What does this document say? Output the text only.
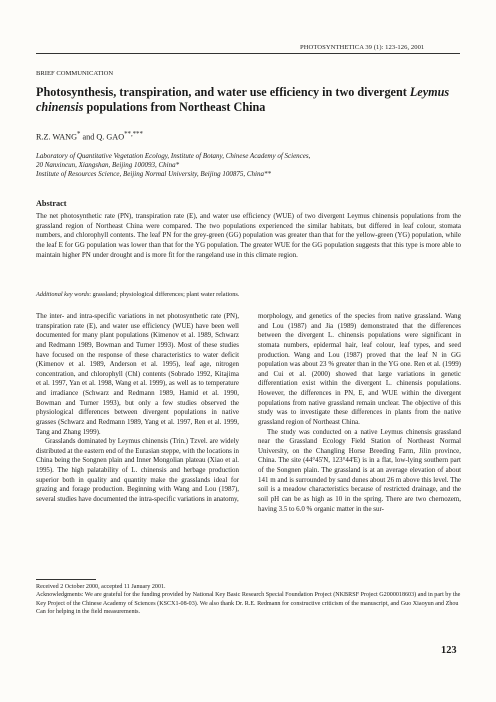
PHOTOSYNTHETICA 39 (1): 123-126, 2001
BRIEF COMMUNICATION
Photosynthesis, transpiration, and water use efficiency in two divergent Leymus chinensis populations from Northeast China
R.Z. WANG* and Q. GAO**,***
Laboratory of Quantitative Vegetation Ecology, Institute of Botany, Chinese Academy of Sciences,
20 Nanxincun, Xiangshan, Beijing 100093, China*
Institute of Resources Science, Beijing Normal University, Beijing 100875, China**
Abstract
The net photosynthetic rate (PN), transpiration rate (E), and water use efficiency (WUE) of two divergent Leymus chinensis populations from the grassland region of Northeast China were compared. The two populations experienced the similar habitats, but differed in leaf colour, stomata numbers, and chlorophyll contents. The leaf PN for the grey-green (GG) population was greater than that for the yellow-green (YG) population, while the leaf E for GG population was lower than that for the YG population. The greater WUE for the GG population suggests that this type is more able to maintain higher PN under drought and is more fit for the rangeland use in this climate region.
Additional key words: grassland; physiological differences; plant water relations.

The inter- and intra-specific variations in net photosynthetic rate (PN), transpiration rate (E), and water use efficiency (WUE) have been well documented for many plant populations (Kimenov et al. 1989, Schwarz and Redmann 1989, Bowman and Turner 1993). Most of these studies have focused on the response of these characteristics to water deficit (Kimenov et al. 1989, Anderson et al. 1995), leaf age, nitrogen concentration, and chlorophyll (Chl) contents (Sobrado 1992, Kitajima et al. 1997, Yan et al. 1998, Wang et al. 1999), as well as to temperature and irradiance (Schwarz and Redmann 1989, Hamid et al. 1990, Bowman and Turner 1993), but only a few studies observed the physiological differences between divergent populations in native grasses (Schwarz and Redmann 1989, Yang et al. 1997, Ren et al. 1999, Tang and Zhang 1999).

Grasslands dominated by Leymus chinensis (Trin.) Tzvel. are widely distributed at the eastern end of the Eurasian steppe, with the locations in China being the Songnen plain and Inner Mongolian plateau (Xiao et al. 1995). The high palatability of L. chinensis and herbage production superior both in quality and quantity make the grasslands ideal for grazing and forage production. Beginning with Wang and Lou (1987), several studies have documented the intra-specific variations in anatomy,

morphology, and genetics of the species from native grassland. Wang and Lou (1987) and Jia (1989) demonstrated that the differences between the divergent L. chinensis populations were significant in stomata numbers, epidermal hair, leaf colour, leaf types, and seed production. Wang and Lou (1987) proved that the leaf N in GG population was about 23 % greater than in the YG one. Ren et al. (1999) and Cui et al. (2000) showed that large variations in genetic differentiation exist within the divergent L. chinensis populations. However, the differences in PN, E, and WUE within the divergent populations from native grassland remain unclear. The objective of this study was to investigate these differences in plants from the native grassland region of Northeast China.

The study was conducted on a native Leymus chinensis grassland near the Grassland Ecology Field Station of Northeast Normal University, on the Changling Horse Breeding Farm, Jilin province, China. The site (44°45'N, 123°44'E) is in a flat, low-lying southern part of the Songnen plain. The grassland is at an average elevation of about 141 m and is surrounded by sand dunes about 26 m above this level. The soil is a meadow characteristics because of restricted drainage, and the soil pH can be as high as 10 in the spring. There are two chernozem, having 3.5 to 6.0 % organic matter in the sur-

Received 2 October 2000, accepted 11 January 2001.
Acknowledgments: We are grateful for the funding provided by National Key Basic Research Special Foundation Project (NKBRSF Project G2000018603) and in part by the Key Project of the Chinese Academy of Sciences (KSCX1-08-03). We also thank Dr. R.E. Redmann for constructive criticism of the manuscript, and Guo Xiaoyun and Zhou Can for helping in the field measurements.
123
